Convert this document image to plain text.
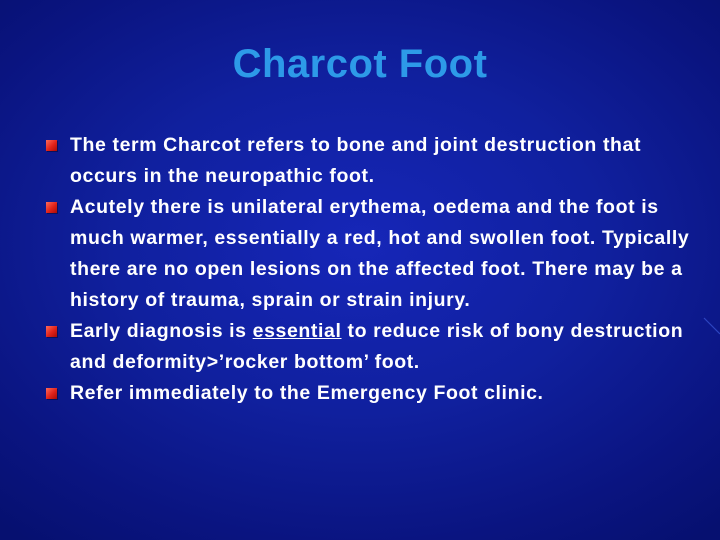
Charcot Foot
The term Charcot refers to bone and joint destruction that occurs in the neuropathic foot.
Acutely there is unilateral erythema, oedema and the foot is much warmer, essentially a red, hot and swollen foot. Typically there are no open lesions on the affected foot. There may be a history of trauma, sprain or strain injury.
Early diagnosis is essential to reduce risk of bony destruction and deformity>’rocker bottom’ foot.
Refer immediately to the Emergency Foot clinic.
